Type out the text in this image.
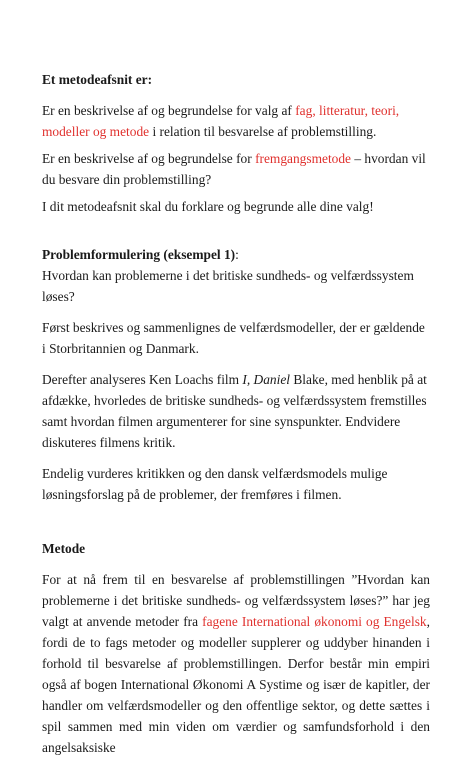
Et metodeafsnit er:

Er en beskrivelse af og begrundelse for valg af fag, litteratur, teori, modeller og metode i relation til besvarelse af problemstilling.

Er en beskrivelse af og begrundelse for fremgangsmetode – hvordan vil du besvare din problemstilling?

I dit metodeafsnit skal du forklare og begrunde alle dine valg!

Problemformulering (eksempel 1):

Hvordan kan problemerne i det britiske sundheds- og velfærdssystem løses?

Først beskrives og sammenlignes de velfærdsmodeller, der er gældende i Storbritannien og Danmark.

Derefter analyseres Ken Loachs film I, Daniel Blake, med henblik på at afdække, hvorledes de britiske sundheds- og velfærdssystem fremstilles samt hvordan filmen argumenterer for sine synspunkter. Endvidere diskuteres filmens kritik.

Endelig vurderes kritikken og den dansk velfærdsmodels mulige løsningsforslag på de problemer, der fremføres i filmen.

Metode

For at nå frem til en besvarelse af problemstillingen ”Hvordan kan problemerne i det britiske sundheds- og velfærdssystem løses?” har jeg valgt at anvende metoder fra fagene International økonomi og Engelsk, fordi de to fags metoder og modeller supplerer og uddyber hinanden i forhold til besvarelse af problemstillingen. Derfor består min empiri også af bogen International Økonomi A Systime og især de kapitler, der handler om velfærdsmodeller og den offentlige sektor, og dette sættes i spil sammen med min viden om værdier og samfundsforhold i den angelsaksiske
